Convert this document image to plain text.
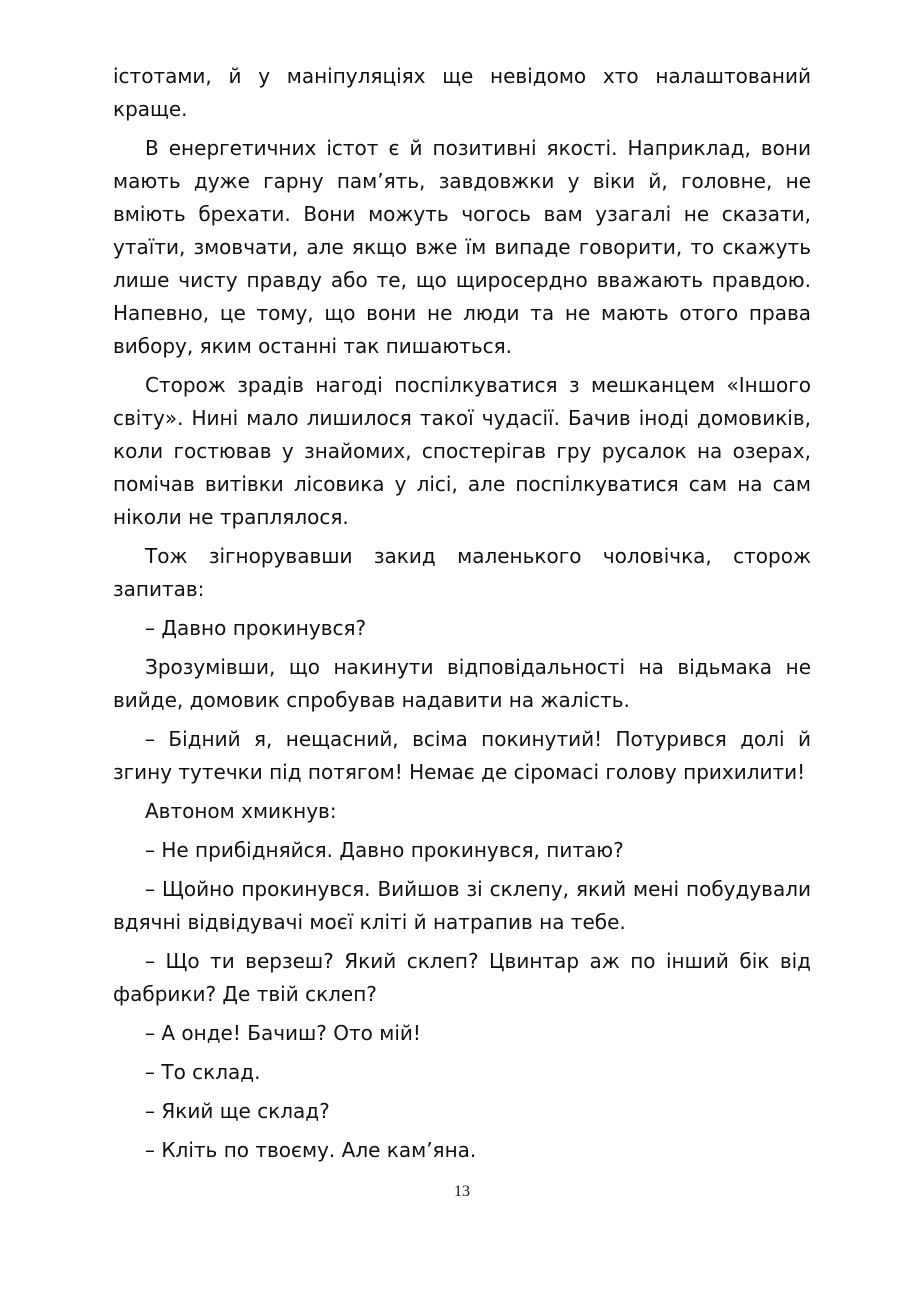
істотами, й у маніпуляціях ще невідомо хто налаштований краще.

В енергетичних істот є й позитивні якості. Наприклад, вони мають дуже гарну пам’ять, завдовжки у віки й, головне, не вміють брехати. Вони можуть чогось вам узагалі не сказати, утаїти, змовчати, але якщо вже їм випаде говорити, то скажуть лише чисту правду або те, що щиросердно вважають правдою. Напевно, це тому, що вони не люди та не мають отого права вибору, яким останні так пишаються.

Сторож зрадів нагоді поспілкуватися з мешканцем «Іншого світу». Нині мало лишилося такої чудасії. Бачив іноді домовиків, коли гостював у знайомих, спостерігав гру русалок на озерах, помічав витівки лісовика у лісі, але поспілкуватися сам на сам ніколи не траплялося.

Тож зігнорувавши закид маленького чоловічка, сторож запитав:

– Давно прокинувся?

Зрозумівши, що накинути відповідальності на відьмака не вийде, домовик спробував надавити на жалість.

– Бідний я, нещасний, всіма покинутий! Потурився долі й згину тутечки під потягом! Немає де сіромасі голову прихилити!

Автоном хмикнув:

– Не прибідняйся. Давно прокинувся, питаю?

– Щойно прокинувся. Вийшов зі склепу, який мені побудували вдячні відвідувачі моєї кліті й натрапив на тебе.

– Що ти верзеш? Який склеп? Цвинтар аж по інший бік від фабрики? Де твій склеп?

– А онде! Бачиш? Ото мій!

– То склад.

– Який ще склад?

– Кліть по твоєму. Але кам’яна.

13
